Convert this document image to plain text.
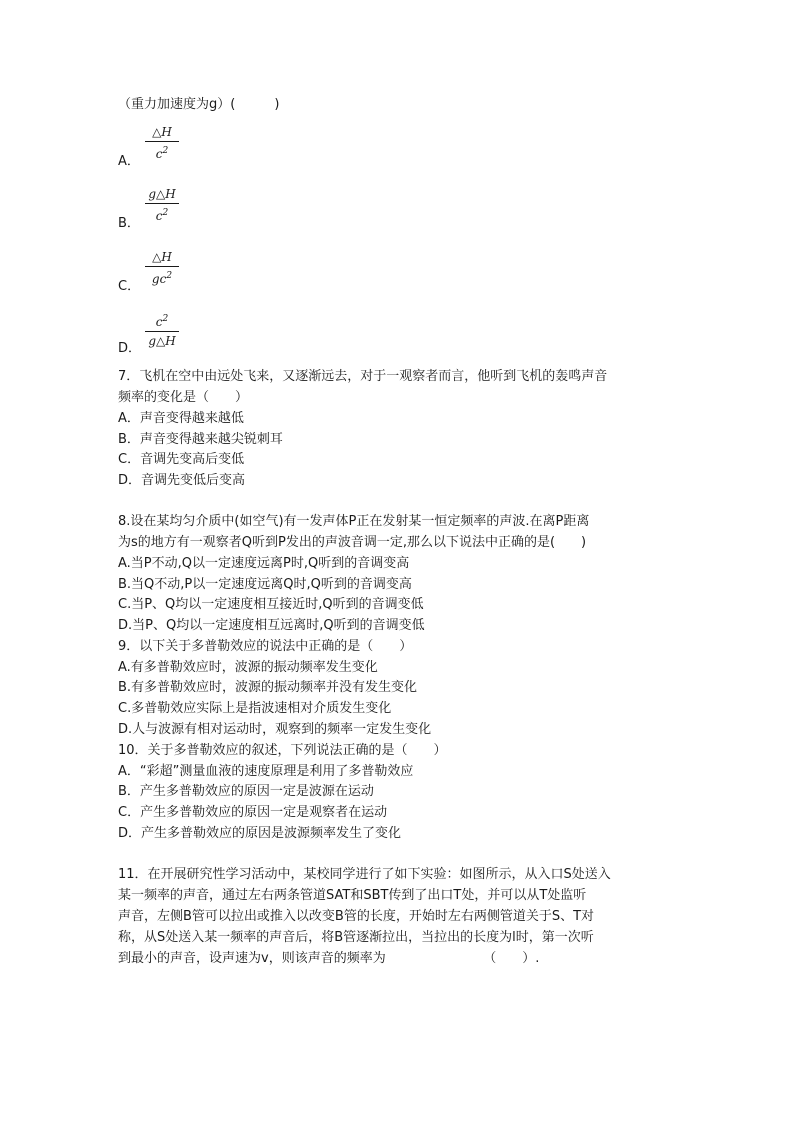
（重力加速度为g）(　　　)
△H
$c^2$
A．
g△H
$c^2$
B．
△H
$gc^2$
C．
$c^2$
g△H
D．
7．飞机在空中由远处飞来，又逐渐远去，对于一观察者而言，他听到飞机的轰鸣声音
频率的变化是（　　）
A．声音变得越来越低
B．声音变得越来越尖锐刺耳
C．音调先变高后变低
D．音调先变低后变高
8.设在某均匀介质中(如空气)有一发声体P正在发射某一恒定频率的声波.在离P距离
为s的地方有一观察者Q听到P发出的声波音调一定,那么以下说法中正确的是(　　)
A.当P不动,Q以一定速度远离P时,Q听到的音调变高
B.当Q不动,P以一定速度远离Q时,Q听到的音调变高
C.当P、Q均以一定速度相互接近时,Q听到的音调变低
D.当P、Q均以一定速度相互远离时,Q听到的音调变低
9．以下关于多普勒效应的说法中正确的是（　　）
A.有多普勒效应时，波源的振动频率发生变化
B.有多普勒效应时，波源的振动频率并没有发生变化
C.多普勒效应实际上是指波速相对介质发生变化
D.人与波源有相对运动时，观察到的频率一定发生变化
10．关于多普勒效应的叙述，下列说法正确的是（　　）
A．“彩超”测量血液的速度原理是利用了多普勒效应
B．产生多普勒效应的原因一定是波源在运动
C．产生多普勒效应的原因一定是观察者在运动
D．产生多普勒效应的原因是波源频率发生了变化
11．在开展研究性学习活动中，某校同学进行了如下实验：如图所示，从入口S处送入
某一频率的声音，通过左右两条管道SAT和SBT传到了出口T处，并可以从T处监听
声音，左侧B管可以拉出或推入以改变B管的长度，开始时左右两侧管道关于S、T对
称，从S处送入某一频率的声音后，将B管逐渐拉出，当拉出的长度为l时，第一次听
到最小的声音，设声速为v，则该声音的频率为　　　　　　　　（　　）.
